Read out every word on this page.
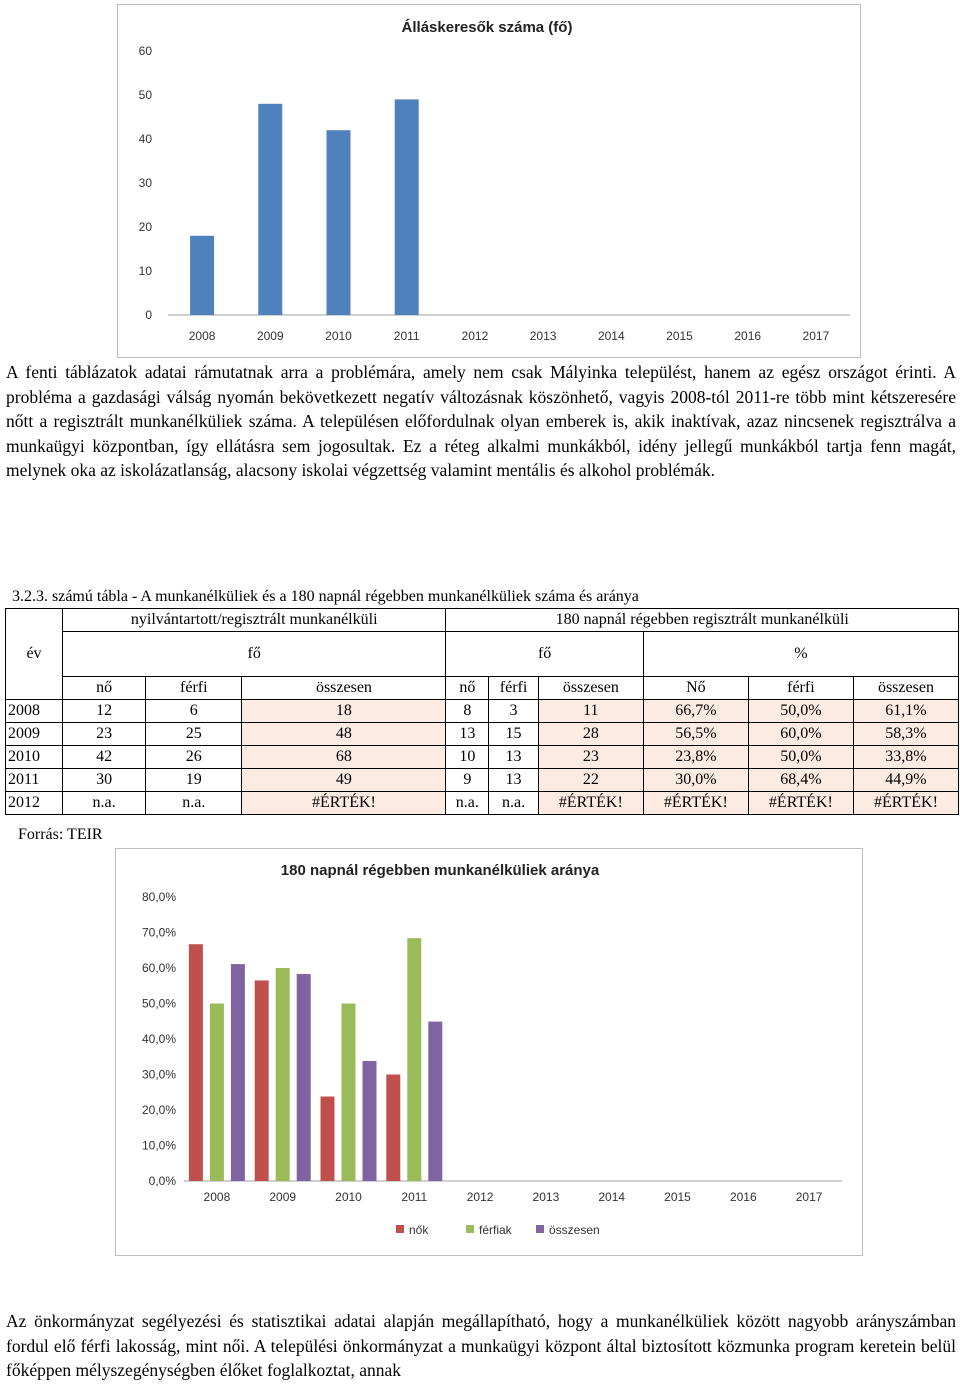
Álláskeresők száma (fő)
0
10
20
30
40
50
60
2008	2009	2010	2011	2012	2013	2014	2015	2016	2017

A fenti táblázatok adatai rámutatnak arra a problémára, amely nem csak Mályinka települést, hanem az egész országot érinti. A probléma a gazdasági válság nyomán bekövetkezett negatív változásnak köszönhető, vagyis 2008-tól 2011-re több mint kétszeresére nőtt a regisztrált munkanélküliek száma. A településen előfordulnak olyan emberek is, akik inaktívak, azaz nincsenek regisztrálva a munkaügyi központban, így ellátásra sem jogosultak. Ez a réteg alkalmi munkákból, idény jellegű munkákból tartja fenn magát, melynek oka az iskolázatlanság, alacsony iskolai végzettség valamint mentális és alkohol problémák.

3.2.3. számú tábla - A munkanélküliek és a 180 napnál régebben munkanélküliek száma és aránya
év	nyilvántartott/regisztrált munkanélküli			180 napnál régebben regisztrált munkanélküli					
	fő			fő			%		
	nő	férfi	összesen	nő	férfi	összesen	Nő	férfi	összesen
2008	12	6	18	8	3	11	66,7%	50,0%	61,1%
2009	23	25	48	13	15	28	56,5%	60,0%	58,3%
2010	42	26	68	10	13	23	23,8%	50,0%	33,8%
2011	30	19	49	9	13	22	30,0%	68,4%	44,9%
2012	n.a.	n.a.	#ÉRTÉK!	n.a.	n.a.	#ÉRTÉK!	#ÉRTÉK!	#ÉRTÉK!	#ÉRTÉK!
Forrás: TEIR
180 napnál régebben munkanélküliek aránya
0,0%
10,0%
20,0%
30,0%
40,0%
50,0%
60,0%
70,0%
80,0%
2008	2009	2010	2011	2012	2013	2014	2015	2016	2017
nők	férfiak	összesen

Az önkormányzat segélyezési és statisztikai adatai alapján megállapítható, hogy a munkanélküliek között nagyobb arányszámban fordul elő férfi lakosság, mint női. A települési önkormányzat a munkaügyi központ által biztosított közmunka program keretein belül főképpen mélyszegénységben élőket foglalkoztat, annak
